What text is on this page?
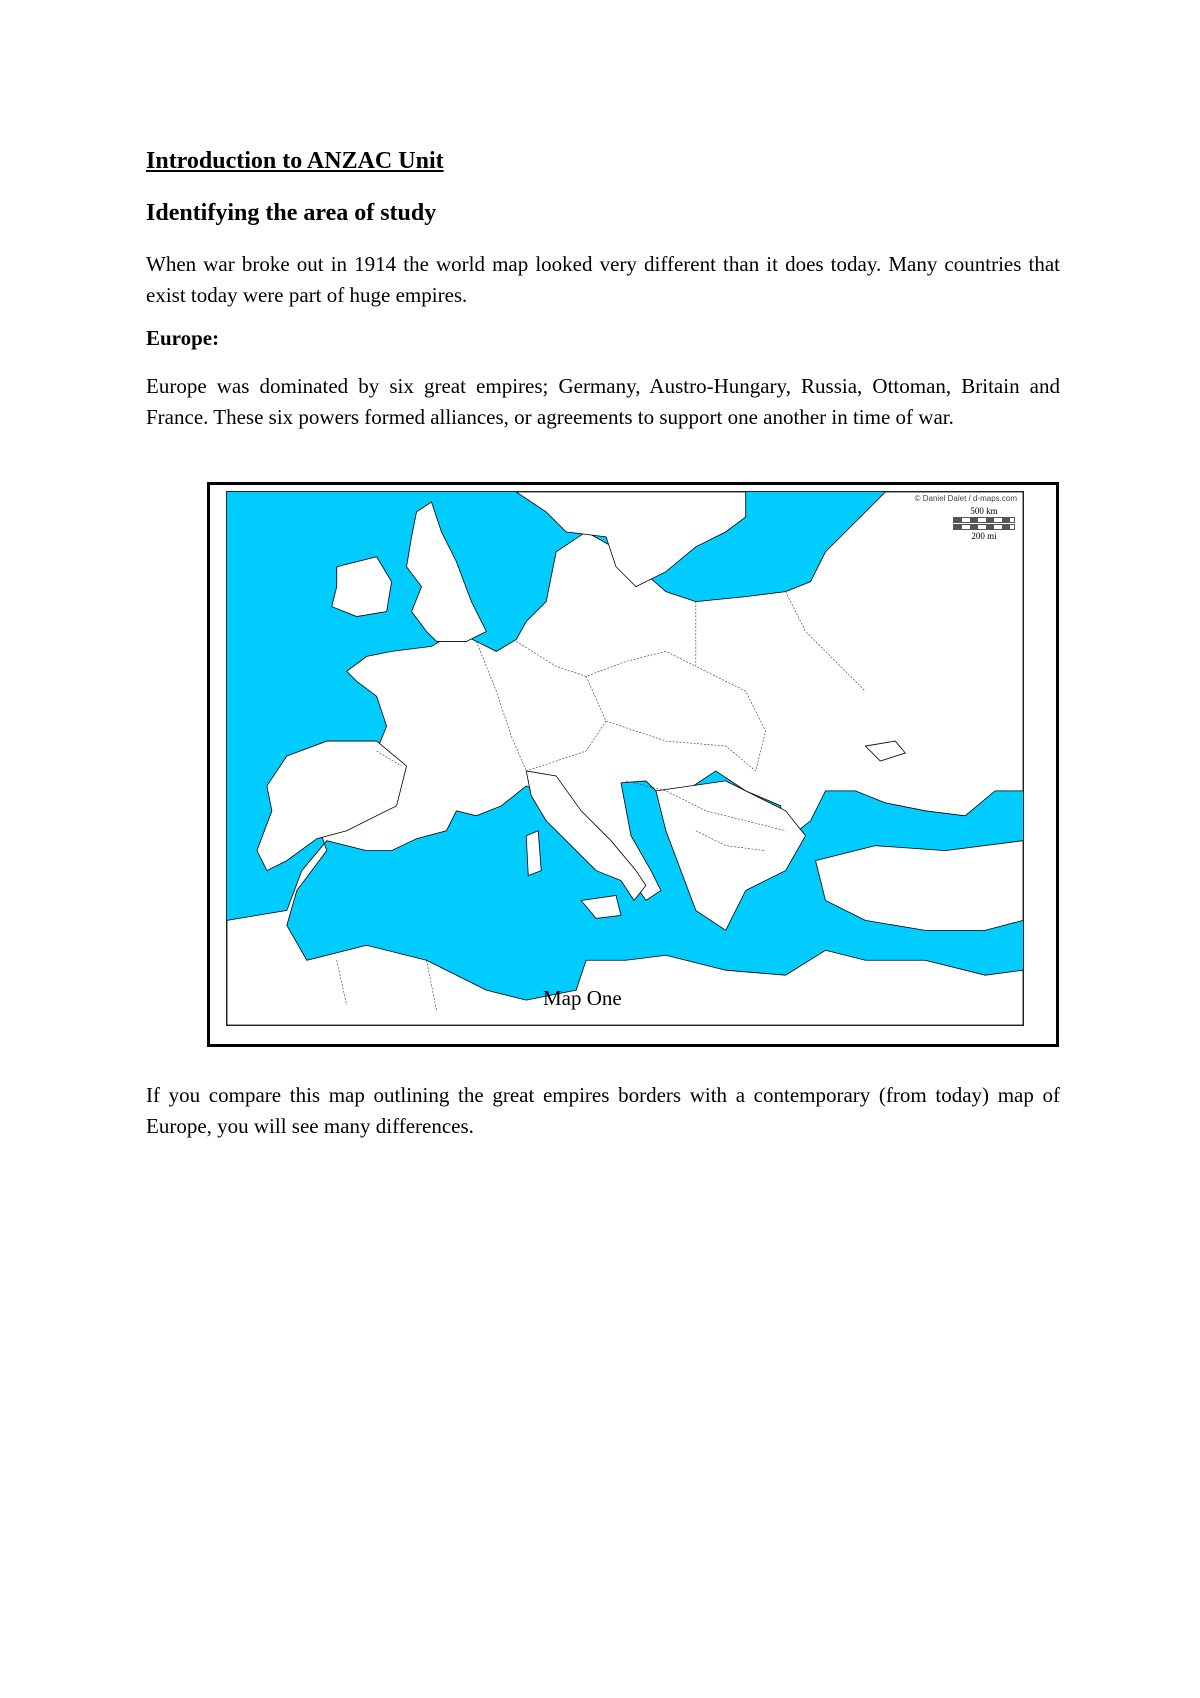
Introduction to ANZAC Unit
Identifying the area of study

When war broke out in 1914 the world map looked very different than it does today. Many countries that exist today were part of huge empires.

Europe:

Europe was dominated by six great empires; Germany, Austro-Hungary, Russia, Ottoman, Britain and France. These six powers formed alliances, or agreements to support one another in time of war.

© Daniel Dalet / d-maps.com
500 km
200 mi
Map One

If you compare this map outlining the great empires borders with a contemporary (from today) map of Europe, you will see many differences.
